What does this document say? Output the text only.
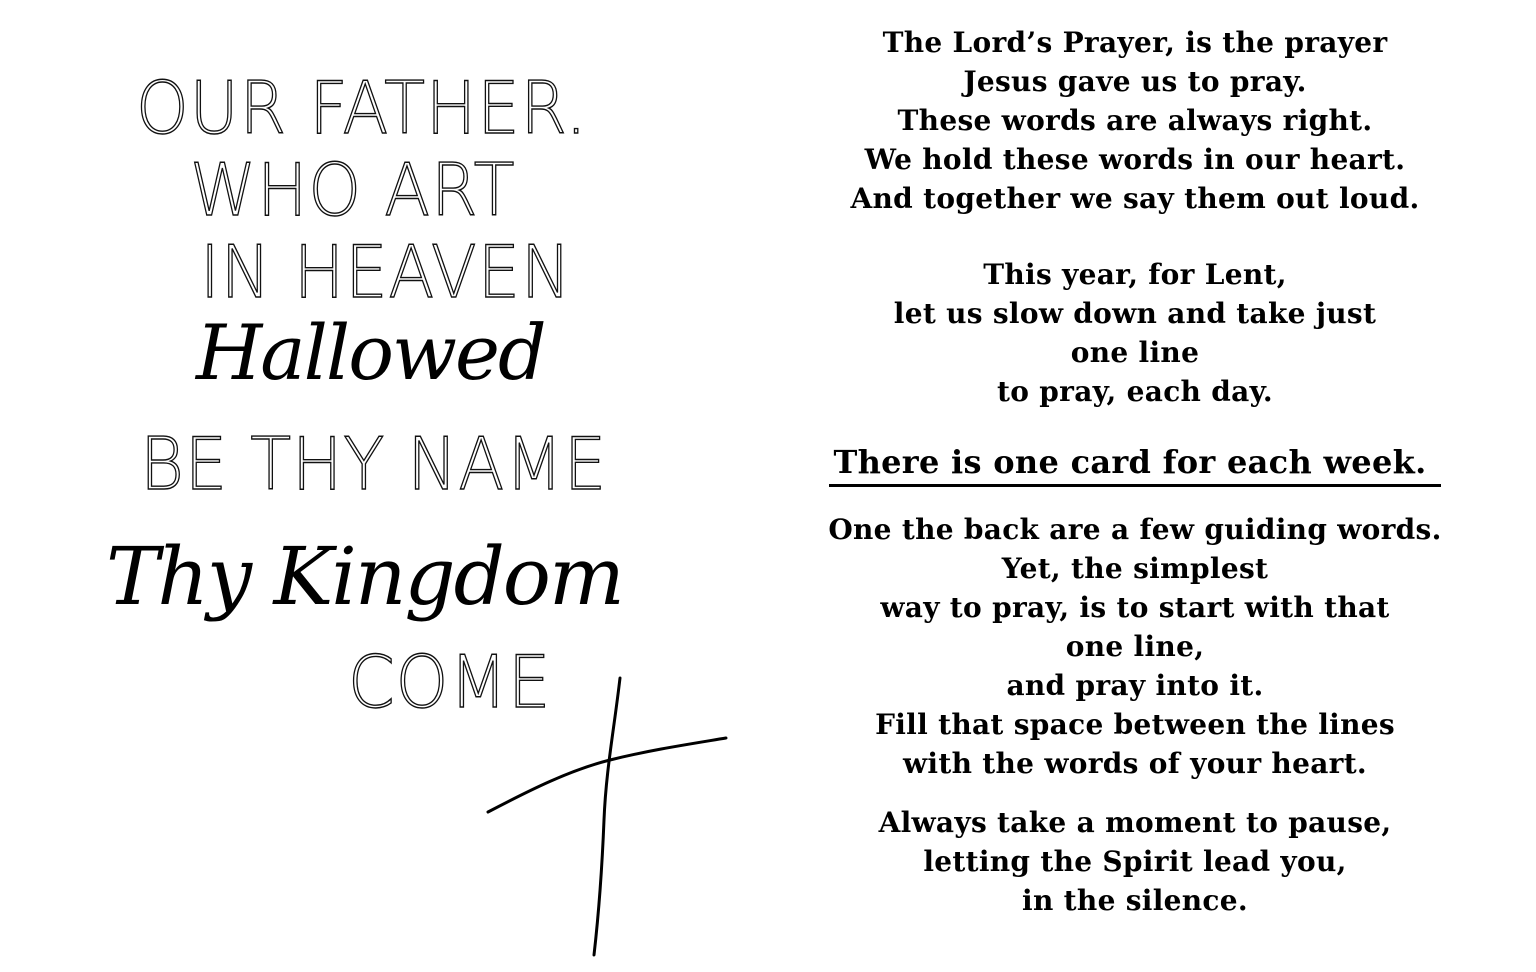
OUR FATHER.
WHO ART
IN HEAVEN
Hallowed
BE THY NAME
Thy Kingdom
COME
The Lord’s Prayer, is the prayer
Jesus gave us to pray.
These words are always right.
We hold these words in our heart.
And together we say them out loud.
This year, for Lent,
let us slow down and take just
one line
to pray, each day.
There is one card for each week.
One the back are a few guiding words.
Yet, the simplest
way to pray, is to start with that
one line,
and pray into it.
Fill that space between the lines
with the words of your heart.
Always take a moment to pause,
letting the Spirit lead you,
in the silence.
